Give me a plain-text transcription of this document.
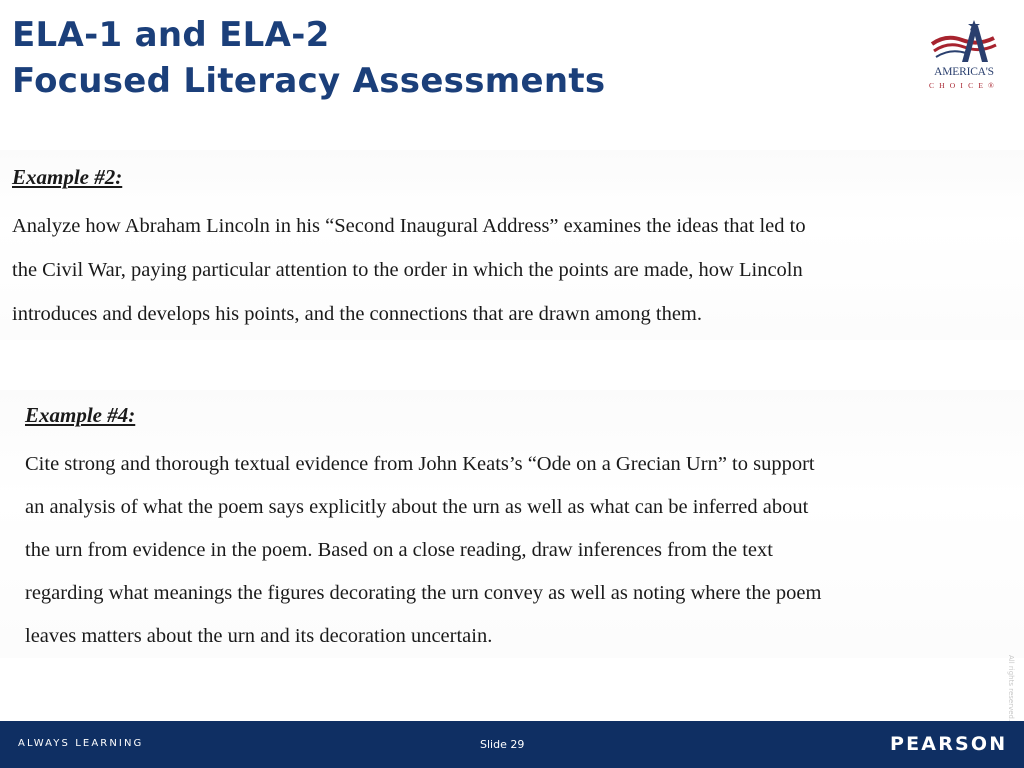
ELA-1 and ELA-2
Focused Literacy Assessments	AMERICA'S
CHOICE®
Example #2:
Analyze how Abraham Lincoln in his “Second Inaugural Address” examines the ideas that led to
the Civil War, paying particular attention to the order in which the points are made, how Lincoln
introduces and develops his points, and the connections that are drawn among them.
Example #4:
Cite strong and thorough textual evidence from John Keats’s “Ode on a Grecian Urn” to support
an analysis of what the poem says explicitly about the urn as well as what can be inferred about
the urn from evidence in the poem. Based on a close reading, draw inferences from the text
regarding what meanings the figures decorating the urn convey as well as noting where the poem
leaves matters about the urn and its decoration uncertain.
All rights reserved.
ALWAYS LEARNING	Slide 29	PEARSON
